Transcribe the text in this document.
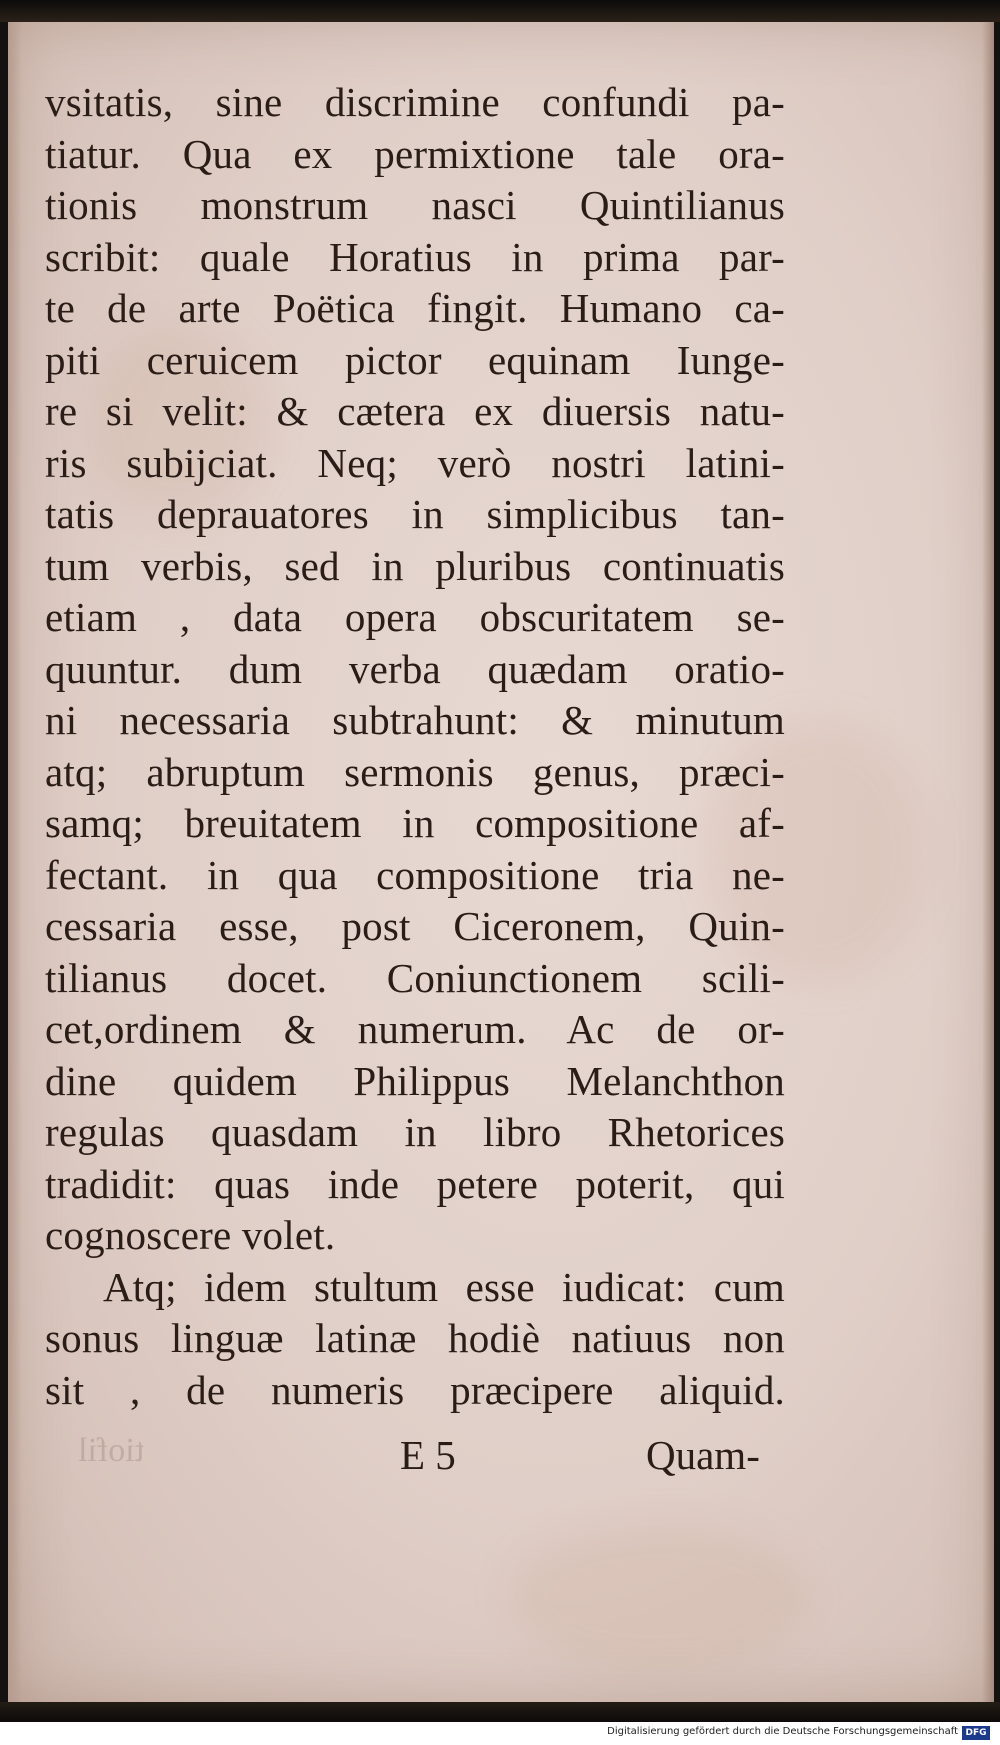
vsitatis, sine discrimine confundi pa-
tiatur. Qua ex permixtione tale ora-
tionis monstrum nasci Quintilianus
scribit: quale Horatius in prima par-
te de arte Poëtica fingit. Humano ca-
piti ceruicem pictor equinam Iunge-
re si velit: & cætera ex diuersis natu-
ris subijciat. Neq; verò nostri latini-
tatis deprauatores in simplicibus tan-
tum verbis, sed in pluribus continuatis
etiam , data opera obscuritatem se-
quuntur. dum verba quædam oratio-
ni necessaria subtrahunt: & minutum
atq; abruptum sermonis genus, præci-
samq; breuitatem in compositione af-
fectant. in qua compositione tria ne-
cessaria esse, post Ciceronem, Quin-
tilianus docet. Coniunctionem scili-
cet,ordinem & numerum. Ac de or-
dine quidem Philippus Melanchthon
regulas quasdam in libro Rhetorices
tradidit: quas inde petere poterit, qui
cognoscere volet.
Atq; idem stultum esse iudicat: cum
sonus linguæ latinæ hodiè natiuus non
sit , de numeris præcipere aliquid.
tiofil	E 5	Quam-
Digitalisierung gefördert durch die Deutsche Forschungsgemeinschaft DFG
